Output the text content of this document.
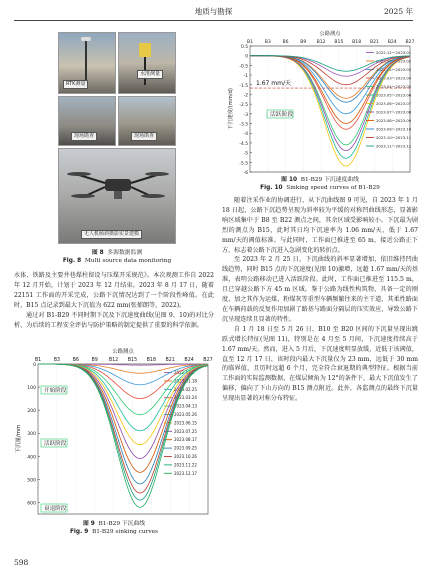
地质与勘探	2025 年
RTK测量
水准测量
现场勘查	现场勘查
无人机倾斜摄影实景建模
图 8 多源数据监测
Fig. 8 Multi source data monitoring

水体、铁路及主要井巷煤柱留设与压煤开采规范》。本次观测工作自 2022 年 12 月开始，计划于 2023 年 12 月结束。2023 年 8 月 17 日，随着 22151 工作面的开采完成，公路下沉情况达到了一个阶段性峰值。在此时，B15 点记录到最大下沉值为 622 mm(张郁朗等，2022)。

通过对 B1-B29 不同时期下沉及下沉速度曲线(见图 9、10)的对比分析，为后续的工程安全评估与防护策略的制定提供了重要的科学依据。

公路测点
B1	B3	B6	B9 B12 B15 B18 B21 B24 B27
0
100
200
300
400
500
600
下沉量/mm
2022.12.2
2023.01.18
2023.02.25
2023.03.24
2023.04.13
2023.05.26
2023.06.15
2023.07.25
2023.08.17
2023.09.25
2023.10.26
2023.11.22
2023.12.17
开始阶段
活跃阶段
衰退阶段
图 9 B1-B29 下沉曲线
Fig. 9 B1-B29 sinking curves
公路测点
B1	B3	B6	B9 B12 B15 B18 B21 B24 B27
0.5
0
-0.5
-1
-1.5
-2
-2.5
-3
-3.5
-4
-4.5
-5
-5.5
-6
下沉速度/(mm/d)
2022.12～2023.01
2023.01～2023.02
2023.02～2023.03
2023.03～2023.04
2023.04～2023.05
2023.05～2023.06
2023.06～2023.07
2023.07～2023.08
2023.08～2023.09
2023.09～2023.10
2023.10～2023.11
2023.11～2023.12
1.67 mm/天
活跃阶段
图 10 B1-B29 下沉速度曲线
Fig. 10 Sinking speed curves of B1-B29

随着注采作业的协调进行，从下沉曲线图 9 可见，自 2023 年 1 月 18 日起，公路下沉趋势呈现为斜率较为平缓的对称凹曲线形态，显著影响区域集中于 B8 至 B22 测点之间，其余区域受影响较小。下沉最为剧烈的测点为 B15，此时其日均下沉速率为 1.06 mm/天，低于 1.67 mm/天的阈值标准。与此同时，工作面已推进至 65 m，接近公路正下方，标志着公路下沉进入急剧变化的转折点。

至 2023 年 2 月 25 日，下沉曲线的斜率显著增加，依旧维持凹曲线趋势，同时 B15 点的下沉速度(见图 10)激增，远超 1.67 mm/天的基准，表明公路移动已进入活跃阶段。此时，工作面已推进至 115.5 m，且已穿越公路下方 45 m 区域。鉴于公路为线性构筑物，具备一定的刚度，加之其作为运煤、粉煤灰等重型车辆频繁往来的主干道，其柔性路面在车辆荷载的反复作用加剧了路基与路面分隔层的压实效应，导致公路下沉呈现连续且显著的特性。

自 1 月 18 日至 5 月 26 日，B10 至 B20 区间的下沉量呈现出跳跃式增长特征(见图 11)，特别是在 4 月至 5 月间，下沉速度持续高于 1.67 mm/天。然而，进入 5 月后，下沉速度明显放缓，近低于该阈值，直至 12 月 17 日，该时段内最大下沉量仅为 23 mm，远低于 30 mm 的临界值，且历时远超 6 个月，完全符合衰退期的典型特征。根据当前工作面的实际监测数据，在煤层倾角为 12°的条件下，最大下沉值发生了偏移，偏向了下山方向的 B15 测点附近。此外，各监测点的最终下沉量呈现出显著的对称分布特征。

598
